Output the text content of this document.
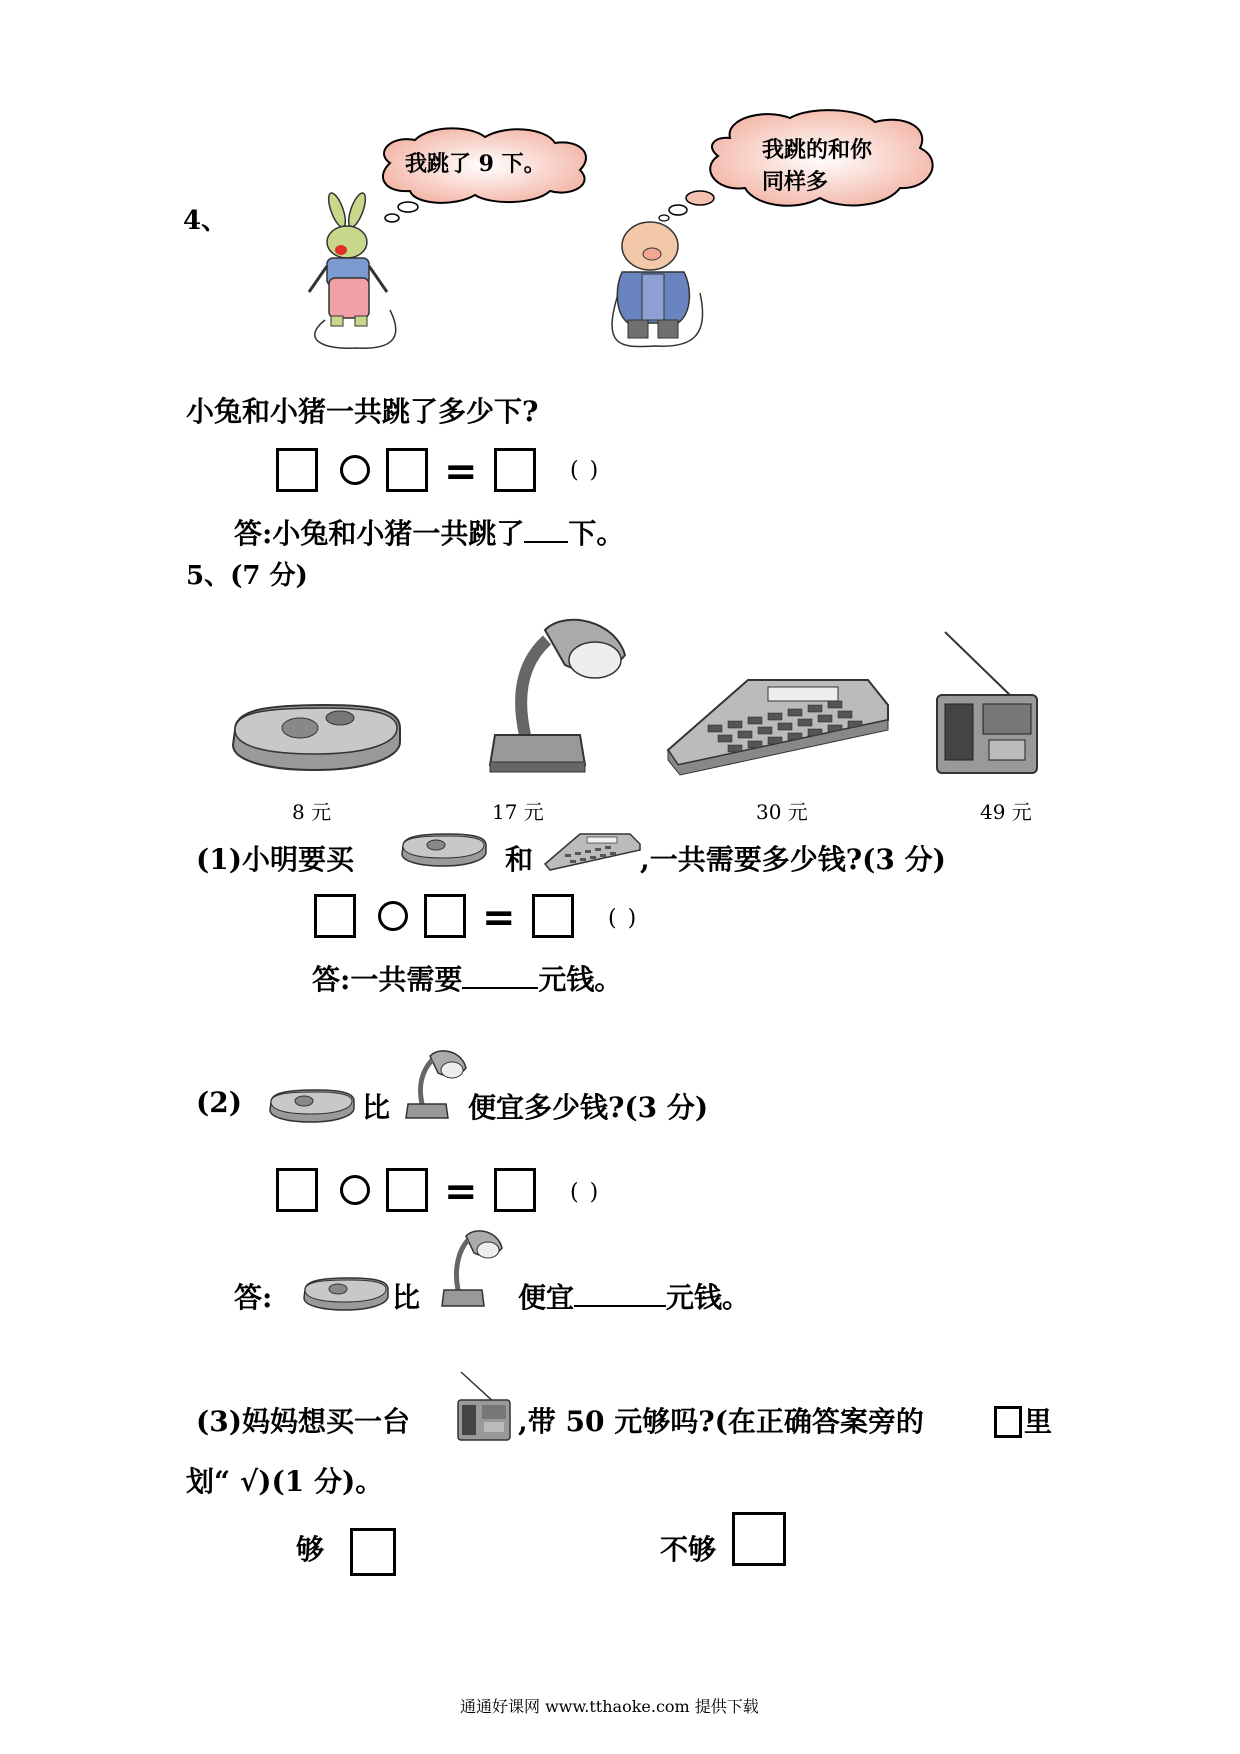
4、
我跳了 9 下。
我跳的和你
同样多
小兔和小猪一共跳了多少下?
=	( )
答:小兔和小猪一共跳了 下。
5、(7 分)
8 元	17 元	30 元	49 元
(1)小明要买	和	,一共需要多少钱?(3 分)
=	( )
答:一共需要	元钱。
(2)	比	便宜多少钱?(3 分)
=	( )
答:	比	便宜	元钱。
(3)妈妈想买一台	,带 50 元够吗?(在正确答案旁的	里
划“ √)(1 分)。
够	不够
通通好课网 www.tthaoke.com 提供下载
